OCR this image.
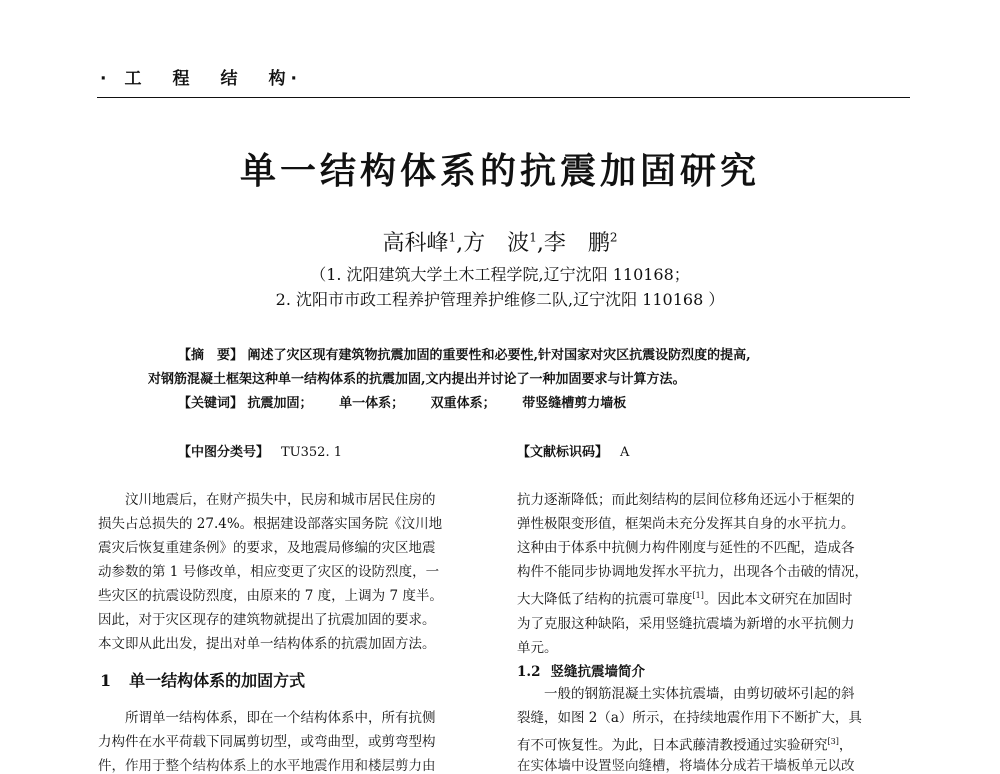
· 工 程 结 构 ·
单一结构体系的抗震加固研究
高科峰$^1$,方　波$^1$,李　鹏$^2$
（1. 沈阳建筑大学土木工程学院,辽宁沈阳 110168；
2. 沈阳市市政工程养护管理养护维修二队,辽宁沈阳 110168 ）
【摘　要】 阐述了灾区现有建筑物抗震加固的重要性和必要性,针对国家对灾区抗震设防烈度的提高,
对钢筋混凝土框架这种单一结构体系的抗震加固,文内提出并讨论了一种加固要求与计算方法。
【关键词】 抗震加固； 单一体系； 双重体系； 带竖缝槽剪力墙板
【中图分类号】 TU352. 1	【文献标识码】 A

汶川地震后，在财产损失中，民房和城市居民住房的

损失占总损失的 27.4%。根据建设部落实国务院《汶川地

震灾后恢复重建条例》的要求，及地震局修编的灾区地震

动参数的第 1 号修改单，相应变更了灾区的设防烈度，一

些灾区的抗震设防烈度，由原来的 7 度，上调为 7 度半。

因此，对于灾区现存的建筑物就提出了抗震加固的要求。

本文即从此出发，提出对单一结构体系的抗震加固方法。

1 单一结构体系的加固方式

所谓单一结构体系，即在一个结构体系中，所有抗侧

力构件在水平荷载下同属剪切型，或弯曲型，或剪弯型构

件，作用于整个结构体系上的水平地震作用和楼层剪力由

抗力逐渐降低；而此刻结构的层间位移角还远小于框架的

弹性极限变形值，框架尚未充分发挥其自身的水平抗力。

这种由于体系中抗侧力构件刚度与延性的不匹配，造成各

构件不能同步协调地发挥水平抗力，出现各个击破的情况，

大大降低了结构的抗震可靠度[1]。因此本文研究在加固时

为了克服这种缺陷，采用竖缝抗震墙为新增的水平抗侧力

单元。

1.2 竖缝抗震墙简介

一般的钢筋混凝土实体抗震墙，由剪切破坏引起的斜

裂缝，如图 2（a）所示，在持续地震作用下不断扩大，具

有不可恢复性。为此，日本武藤清教授通过实验研究[3]，

在实体墙中设置竖向缝槽，将墙体分成若干墙板单元以改
